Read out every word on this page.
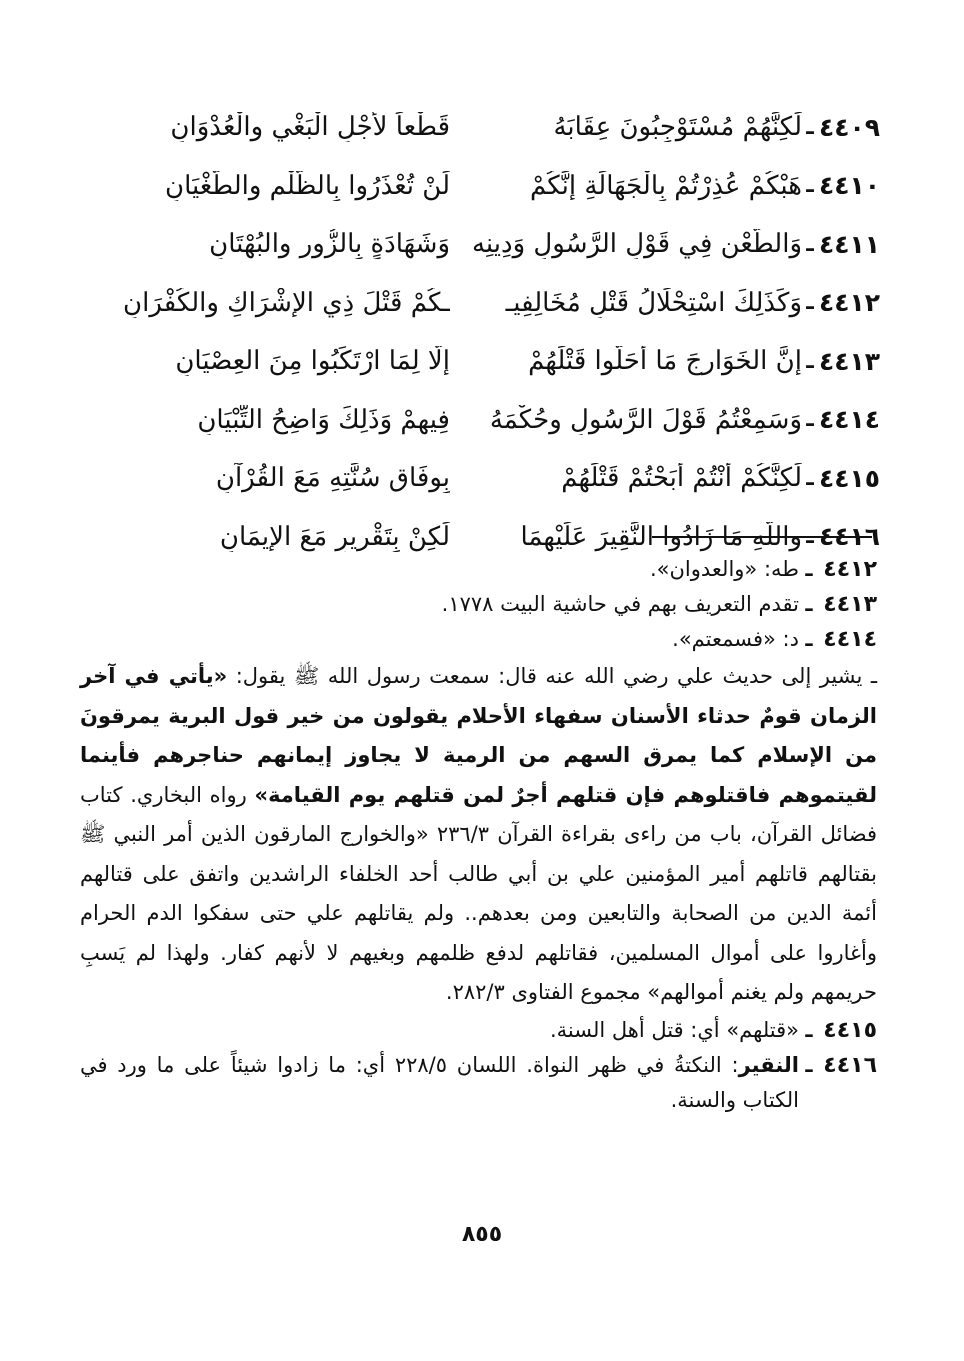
٤٤٠٩
ـ
لَكِنَّهُمْ مُسْتَوْجِبُونَ عِقَابَهُ
قَطْعاً لأَجْلِ الْبَغْيِ والْعُدْوَانِ
٤٤١٠
ـ
هَبْكُمْ عُذِرْتُمْ بِالْجَهَالَةِ إِنَّكُمْ
لَنْ تُعْذَرُوا بِالظُّلْمِ والطُّغْيَانِ
٤٤١١
ـ
وَالطَّعْنِ فِي قَوْلِ الرَّسُولِ وَدِينِه
وَشَهَادَةٍ بِالزُّورِ والبُهْتَانِ
٤٤١٢
ـ
وَكَذَلِكَ اسْتِحْلَالُ قَتْلِ مُخَالِفِيـ
ـكُمْ قَتْلَ ذِي الإِشْرَاكِ والكُفْرَانِ
٤٤١٣
ـ
إِنَّ الخَوَارِجَ مَا أَحَلُّوا قَتْلَهُمْ
إِلَّا لِمَا ارْتَكَبُوا مِنَ العِصْيَانِ
٤٤١٤
ـ
وَسَمِعْتُمُ قَوْلَ الرَّسُولِ وحُكْمَهُ
فِيهِمْ وَذَلِكَ وَاضِحُ التِّبْيَانِ
٤٤١٥
ـ
لَكِنَّكُمْ أَنْتُمْ أَبَحْتُمْ قَتْلَهُمْ
بِوِفَاقِ سُنَّتِهِ مَعَ القُرْآنِ
٤٤١٦
ـ
واللَّهِ مَا زَادُوا النَّقِيرَ عَلَيْهِمَا
لَكِنْ بِتَقْرِيرٍ مَعَ الإِيمَانِ
٤٤١٢
ـ
طه: «والعدوان».
٤٤١٣
ـ
تقدم التعريف بهم في حاشية البيت ١٧٧٨.
٤٤١٤
ـ
د: «فسمعتم».
ـ يشير إلى حديث علي رضي الله عنه قال: سمعت رسول الله ﷺ يقول: «يأتي في آخر الزمان قومٌ حدثاء الأسنان سفهاء الأحلام يقولون من خير قول البرية يمرقونَ من الإسلام كما يمرق السهم من الرمية لا يجاوز إيمانهم حناجرهم فأينما لقيتموهم فاقتلوهم فإن قتلهم أجرٌ لمن قتلهم يوم القيامة» رواه البخاري. كتاب فضائل القرآن، باب من راءى بقراءة القرآن ٢٣٦/٣ «والخوارج المارقون الذين أمر النبي ﷺ بقتالهم قاتلهم أمير المؤمنين علي بن أبي طالب أحد الخلفاء الراشدين واتفق على قتالهم أئمة الدين من الصحابة والتابعين ومن بعدهم.. ولم يقاتلهم علي حتى سفكوا الدم الحرام وأغاروا على أموال المسلمين، فقاتلهم لدفع ظلمهم وبغيهم لا لأنهم كفار. ولهذا لم يَسبِ حريمهم ولم يغنم أموالهم» مجموع الفتاوى ٢٨٢/٣.
٤٤١٥
ـ
«قتلهم» أي: قتل أهل السنة.
٤٤١٦
ـ
النقير: النكتةُ في ظهر النواة. اللسان ٢٢٨/٥ أي: ما زادوا شيئاً على ما ورد في الكتاب والسنة.
٨٥٥
